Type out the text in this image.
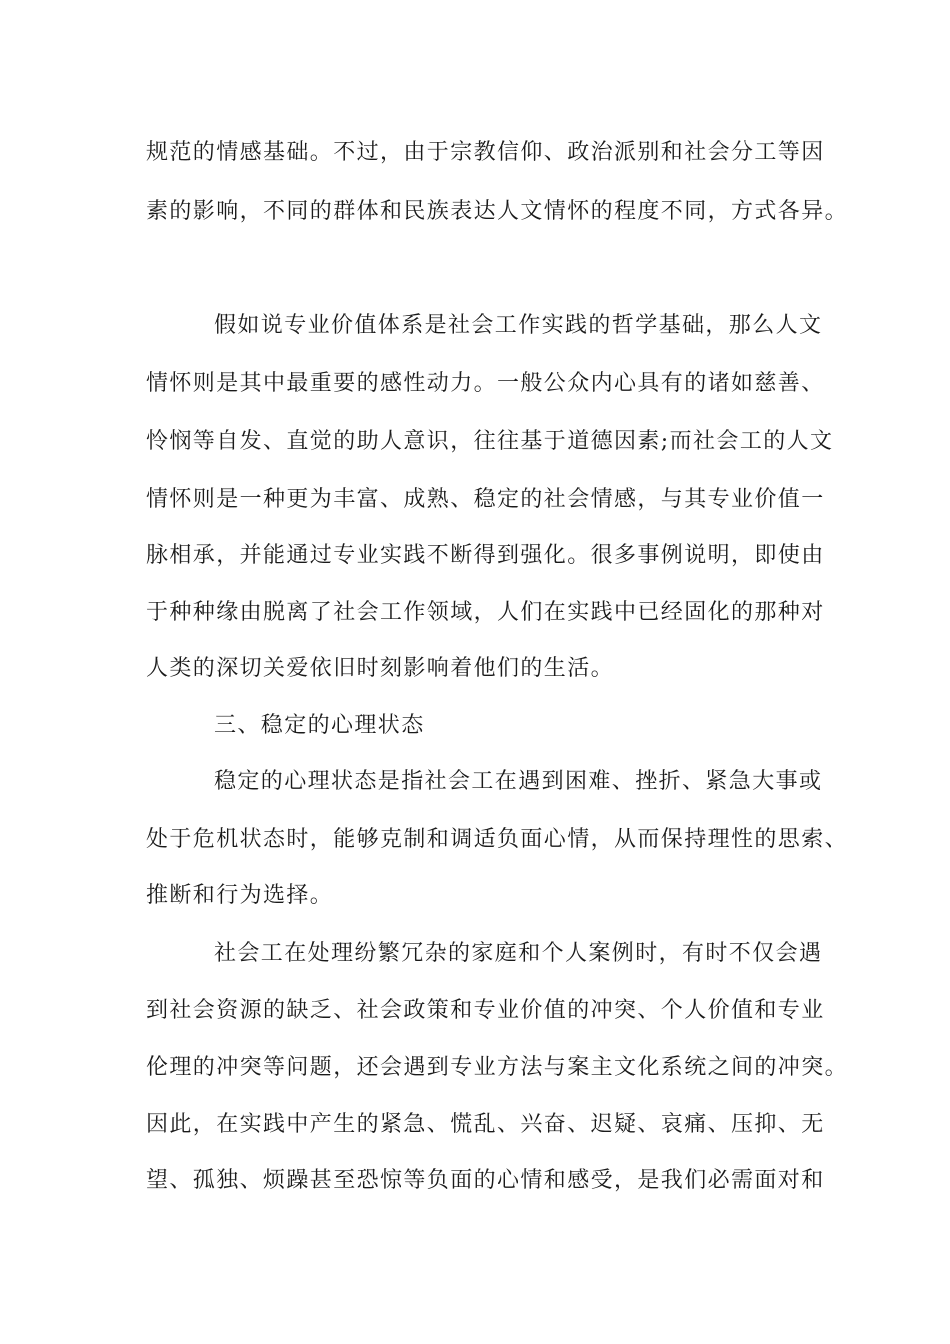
规范的情感基础。不过，由于宗教信仰、政治派别和社会分工等因
素的影响，不同的群体和民族表达人文情怀的程度不同，方式各异。
假如说专业价值体系是社会工作实践的哲学基础，那么人文
情怀则是其中最重要的感性动力。一般公众内心具有的诸如慈善、
怜悯等自发、直觉的助人意识，往往基于道德因素;而社会工的人文
情怀则是一种更为丰富、成熟、稳定的社会情感，与其专业价值一
脉相承，并能通过专业实践不断得到强化。很多事例说明，即使由
于种种缘由脱离了社会工作领域，人们在实践中已经固化的那种对
人类的深切关爱依旧时刻影响着他们的生活。
三、稳定的心理状态
稳定的心理状态是指社会工在遇到困难、挫折、紧急大事或
处于危机状态时，能够克制和调适负面心情，从而保持理性的思索、
推断和行为选择。
社会工在处理纷繁冗杂的家庭和个人案例时，有时不仅会遇
到社会资源的缺乏、社会政策和专业价值的冲突、个人价值和专业
伦理的冲突等问题，还会遇到专业方法与案主文化系统之间的冲突。
因此，在实践中产生的紧急、慌乱、兴奋、迟疑、哀痛、压抑、无
望、孤独、烦躁甚至恐惊等负面的心情和感受，是我们必需面对和
